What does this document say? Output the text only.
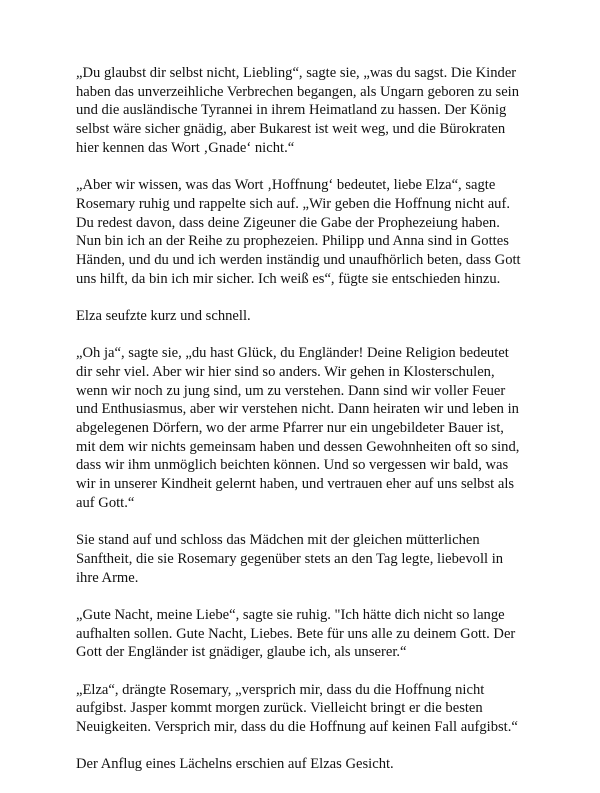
„Du glaubst dir selbst nicht, Liebling“, sagte sie, „was du sagst. Die Kinder
haben das unverzeihliche Verbrechen begangen, als Ungarn geboren zu sein
und die ausländische Tyrannei in ihrem Heimatland zu hassen. Der König
selbst wäre sicher gnädig, aber Bukarest ist weit weg, und die Bürokraten
hier kennen das Wort ‚Gnade‘ nicht.“

„Aber wir wissen, was das Wort ‚Hoffnung‘ bedeutet, liebe Elza“, sagte
Rosemary ruhig und rappelte sich auf. „Wir geben die Hoffnung nicht auf.
Du redest davon, dass deine Zigeuner die Gabe der Prophezeiung haben.
Nun bin ich an der Reihe zu prophezeien. Philipp und Anna sind in Gottes
Händen, und du und ich werden inständig und unaufhörlich beten, dass Gott
uns hilft, da bin ich mir sicher. Ich weiß es“, fügte sie entschieden hinzu.

Elza seufzte kurz und schnell.

„Oh ja“, sagte sie, „du hast Glück, du Engländer! Deine Religion bedeutet
dir sehr viel. Aber wir hier sind so anders. Wir gehen in Klosterschulen,
wenn wir noch zu jung sind, um zu verstehen. Dann sind wir voller Feuer
und Enthusiasmus, aber wir verstehen nicht. Dann heiraten wir und leben in
abgelegenen Dörfern, wo der arme Pfarrer nur ein ungebildeter Bauer ist,
mit dem wir nichts gemeinsam haben und dessen Gewohnheiten oft so sind,
dass wir ihm unmöglich beichten können. Und so vergessen wir bald, was
wir in unserer Kindheit gelernt haben, und vertrauen eher auf uns selbst als
auf Gott.“

Sie stand auf und schloss das Mädchen mit der gleichen mütterlichen
Sanftheit, die sie Rosemary gegenüber stets an den Tag legte, liebevoll in
ihre Arme.

„Gute Nacht, meine Liebe“, sagte sie ruhig. "Ich hätte dich nicht so lange
aufhalten sollen. Gute Nacht, Liebes. Bete für uns alle zu deinem Gott. Der
Gott der Engländer ist gnädiger, glaube ich, als unserer.“

„Elza“, drängte Rosemary, „versprich mir, dass du die Hoffnung nicht
aufgibst. Jasper kommt morgen zurück. Vielleicht bringt er die besten
Neuigkeiten. Versprich mir, dass du die Hoffnung auf keinen Fall aufgibst.“

Der Anflug eines Lächelns erschien auf Elzas Gesicht.
